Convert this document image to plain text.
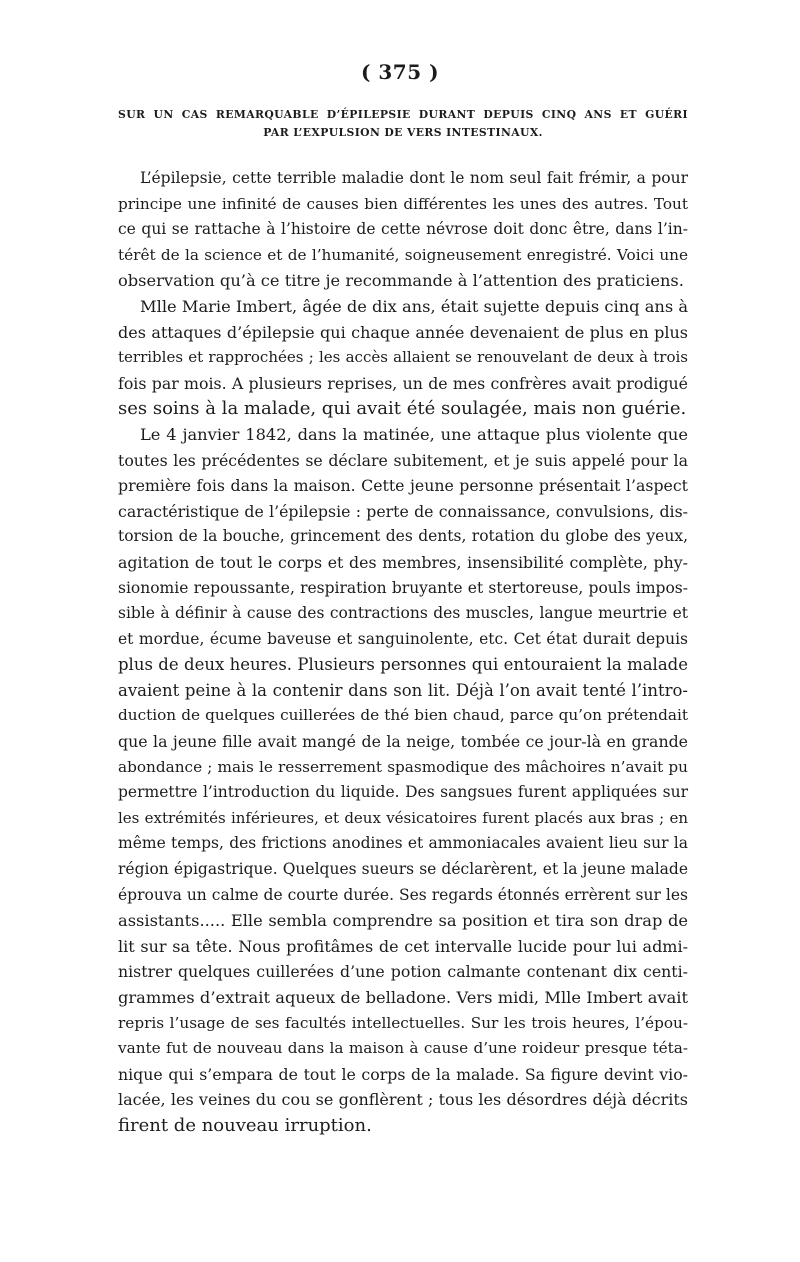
( 375 )
SUR UN CAS REMARQUABLE D’ÉPILEPSIE DURANT DEPUIS CINQ ANS ET GUÉRI
PAR L’EXPULSION DE VERS INTESTINAUX.
L’épilepsie, cette terrible maladie dont le nom seul fait frémir, a pour
principe une infinité de causes bien différentes les unes des autres. Tout
ce qui se rattache à l’histoire de cette névrose doit donc être, dans l’in-
térêt de la science et de l’humanité, soigneusement enregistré. Voici une
observation qu’à ce titre je recommande à l’attention des praticiens.
Mlle Marie Imbert, âgée de dix ans, était sujette depuis cinq ans à
des attaques d’épilepsie qui chaque année devenaient de plus en plus
terribles et rapprochées ; les accès allaient se renouvelant de deux à trois
fois par mois. A plusieurs reprises, un de mes confrères avait prodigué
ses soins à la malade, qui avait été soulagée, mais non guérie.
Le 4 janvier 1842, dans la matinée, une attaque plus violente que
toutes les précédentes se déclare subitement, et je suis appelé pour la
première fois dans la maison. Cette jeune personne présentait l’aspect
caractéristique de l’épilepsie : perte de connaissance, convulsions, dis-
torsion de la bouche, grincement des dents, rotation du globe des yeux,
agitation de tout le corps et des membres, insensibilité complète, phy-
sionomie repoussante, respiration bruyante et stertoreuse, pouls impos-
sible à définir à cause des contractions des muscles, langue meurtrie et
et mordue, écume baveuse et sanguinolente, etc. Cet état durait depuis
plus de deux heures. Plusieurs personnes qui entouraient la malade
avaient peine à la contenir dans son lit. Déjà l’on avait tenté l’intro-
duction de quelques cuillerées de thé bien chaud, parce qu’on prétendait
que la jeune fille avait mangé de la neige, tombée ce jour-là en grande
abondance ; mais le resserrement spasmodique des mâchoires n’avait pu
permettre l’introduction du liquide. Des sangsues furent appliquées sur
les extrémités inférieures, et deux vésicatoires furent placés aux bras ; en
même temps, des frictions anodines et ammoniacales avaient lieu sur la
région épigastrique. Quelques sueurs se déclarèrent, et la jeune malade
éprouva un calme de courte durée. Ses regards étonnés errèrent sur les
assistants..... Elle sembla comprendre sa position et tira son drap de
lit sur sa tête. Nous profitâmes de cet intervalle lucide pour lui admi-
nistrer quelques cuillerées d’une potion calmante contenant dix centi-
grammes d’extrait aqueux de belladone. Vers midi, Mlle Imbert avait
repris l’usage de ses facultés intellectuelles. Sur les trois heures, l’épou-
vante fut de nouveau dans la maison à cause d’une roideur presque téta-
nique qui s’empara de tout le corps de la malade. Sa figure devint vio-
lacée, les veines du cou se gonflèrent ; tous les désordres déjà décrits
firent de nouveau irruption.
